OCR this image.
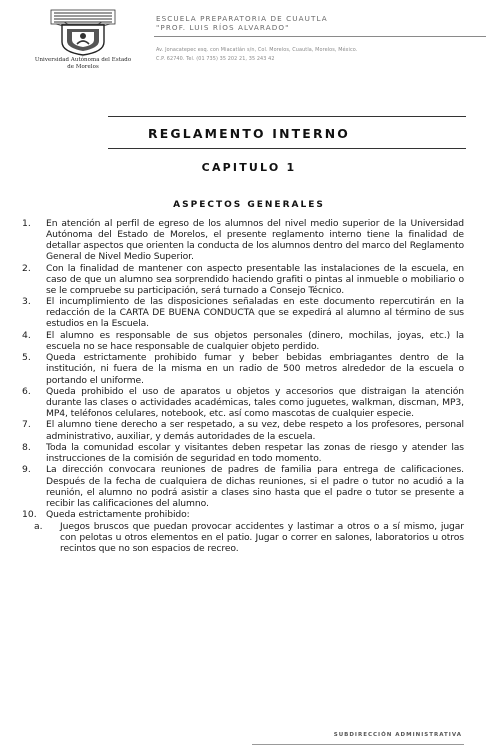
Universidad Autónoma del Estado de Morelos
ESCUELA PREPARATORIA DE CUAUTLA
"PROF. LUIS RÍOS ALVARADO"
Av. Jonacatepec esq. con Miacatlán s/n, Col. Morelos, Cuautla, Morelos, México.
C.P. 62740. Tel. (01 735) 35 202 21, 35 243 42
REGLAMENTO INTERNO
CAPITULO 1
ASPECTOS GENERALES
1.	En atención al perfil de egreso de los alumnos del nivel medio superior de la Universidad Autónoma del Estado de Morelos, el presente reglamento interno tiene la finalidad de detallar aspectos que orienten la conducta de los alumnos dentro del marco del Reglamento General de Nivel Medio Superior.
2.	Con la finalidad de mantener con aspecto presentable las instalaciones de la escuela, en caso de que un alumno sea sorprendido haciendo grafiti o pintas al inmueble o mobiliario o se le compruebe su participación, será turnado a Consejo Técnico.
3.	El incumplimiento de las disposiciones señaladas en este documento repercutirán en la redacción de la CARTA DE BUENA CONDUCTA que se expedirá al alumno al término de sus estudios en la Escuela.
4.	El alumno es responsable de sus objetos personales (dinero, mochilas, joyas, etc.) la escuela no se hace responsable de cualquier objeto perdido.
5.	Queda estrictamente prohibido fumar y beber bebidas embriagantes dentro de la institución, ni fuera de la misma en un radio de 500 metros alrededor de la escuela o portando el uniforme.
6.	Queda prohibido el uso de aparatos u objetos y accesorios que distraigan la atención durante las clases o actividades académicas, tales como juguetes, walkman, discman, MP3, MP4, teléfonos celulares, notebook, etc. así como mascotas de cualquier especie.
7.	El alumno tiene derecho a ser respetado, a su vez, debe respeto a los profesores, personal administrativo, auxiliar, y demás autoridades de la escuela.
8.	Toda la comunidad escolar y visitantes deben respetar las zonas de riesgo y atender las instrucciones de la comisión de seguridad en todo momento.
9.	La dirección convocara reuniones de padres de familia para entrega de calificaciones. Después de la fecha de cualquiera de dichas reuniones, si el padre o tutor no acudió a la reunión, el alumno no podrá asistir a clases sino hasta que el padre o tutor se presente a recibir las calificaciones del alumno.
10.	Queda estrictamente prohibido:
a. Juegos bruscos que puedan provocar accidentes y lastimar a otros o a sí mismo, jugar con pelotas u otros elementos en el patio. Jugar o correr en salones, laboratorios u otros recintos que no son espacios de recreo.
SUBDIRECCIÓN ADMINISTRATIVA
